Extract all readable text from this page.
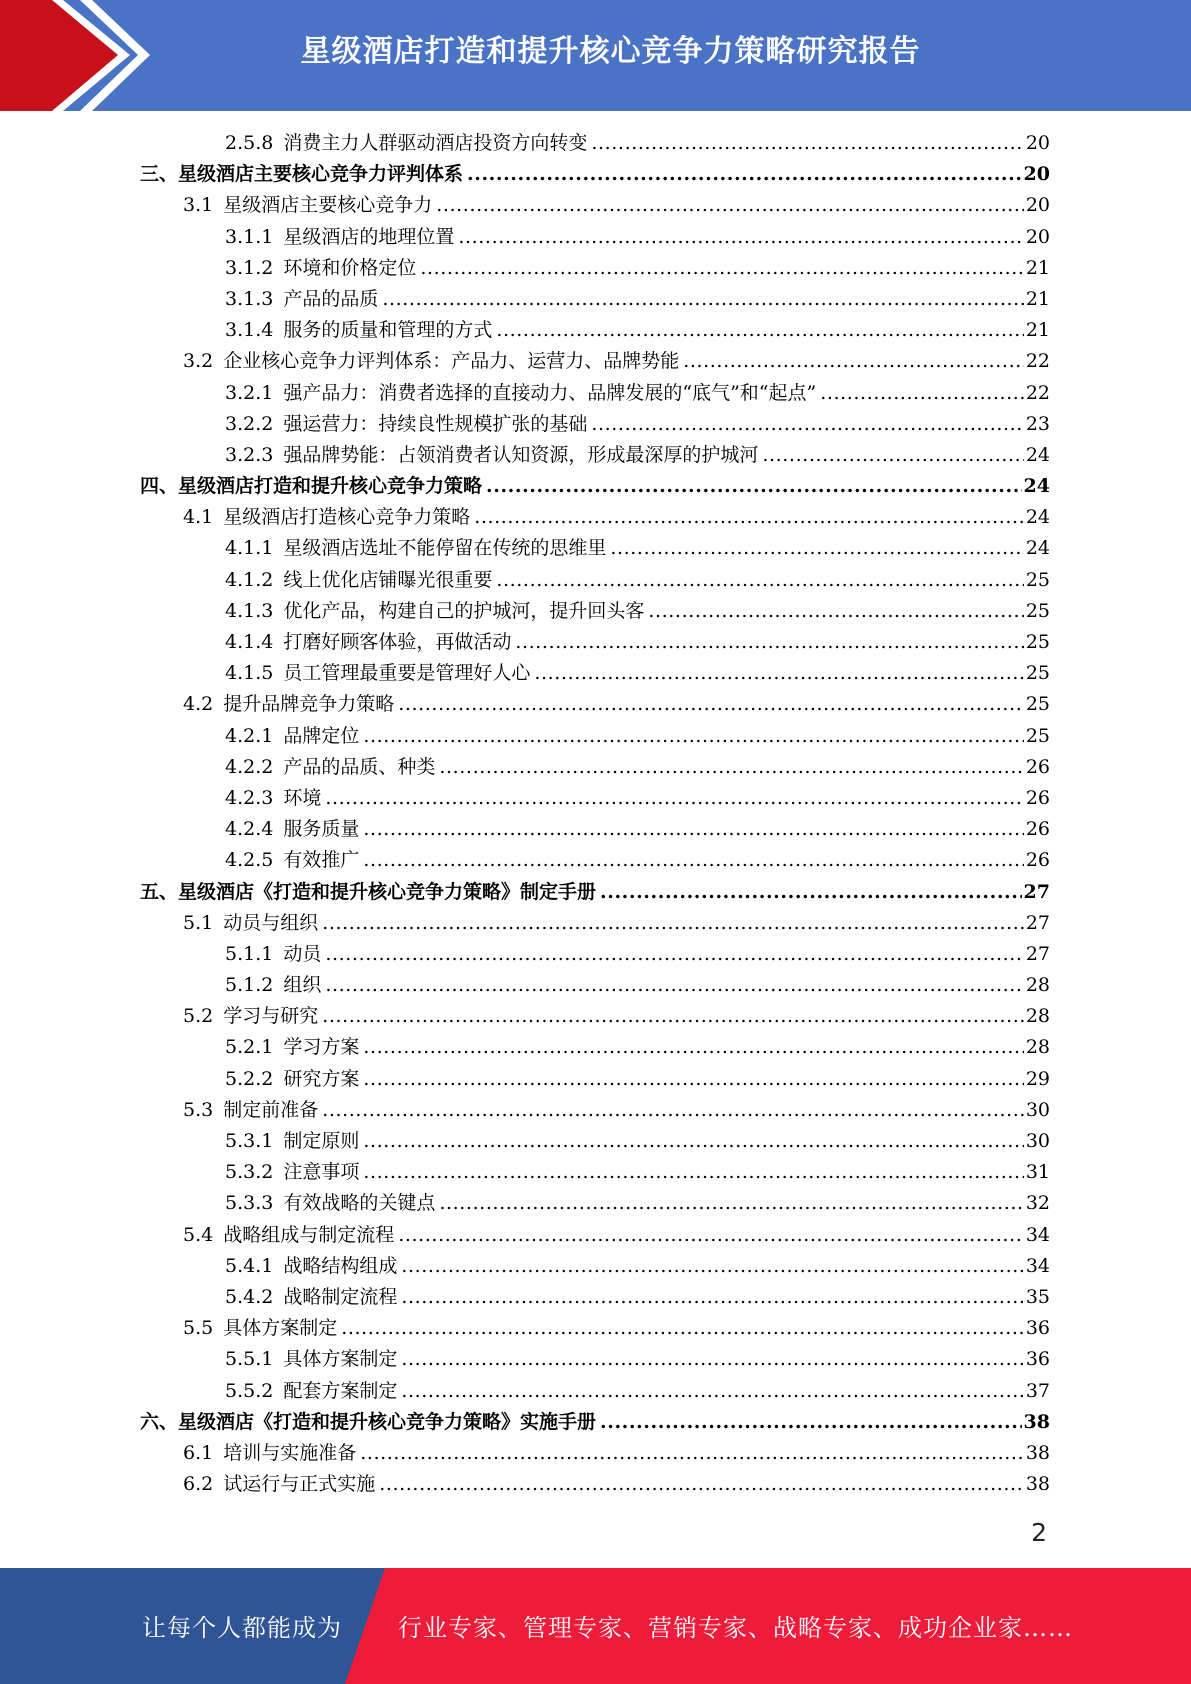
星级酒店打造和提升核心竞争力策略研究报告
2.5.8 消费主力人群驱动酒店投资方向转变 .....	20
三、星级酒店主要核心竞争力评判体系 .....	20
3.1 星级酒店主要核心竞争力 .....	20
3.1.1 星级酒店的地理位置 .....	20
3.1.2 环境和价格定位 .....	21
3.1.3 产品的品质 .....	21
3.1.4 服务的质量和管理的方式 .....	21
3.2 企业核心竞争力评判体系：产品力、运营力、品牌势能 .....	22
3.2.1 强产品力：消费者选择的直接动力、品牌发展的“底气”和“起点” .....	22
3.2.2 强运营力：持续良性规模扩张的基础 .....	23
3.2.3 强品牌势能：占领消费者认知资源，形成最深厚的护城河 .....	24
四、星级酒店打造和提升核心竞争力策略 .....	24
4.1 星级酒店打造核心竞争力策略 .....	24
4.1.1 星级酒店选址不能停留在传统的思维里 .....	24
4.1.2 线上优化店铺曝光很重要 .....	25
4.1.3 优化产品，构建自己的护城河，提升回头客 .....	25
4.1.4 打磨好顾客体验，再做活动 .....	25
4.1.5 员工管理最重要是管理好人心 .....	25
4.2 提升品牌竞争力策略 .....	25
4.2.1 品牌定位 .....	25
4.2.2 产品的品质、种类 .....	26
4.2.3 环境 .....	26
4.2.4 服务质量 .....	26
4.2.5 有效推广 .....	26
五、星级酒店《打造和提升核心竞争力策略》制定手册 .....	27
5.1 动员与组织 .....	27
5.1.1 动员 .....	27
5.1.2 组织 .....	28
5.2 学习与研究 .....	28
5.2.1 学习方案 .....	28
5.2.2 研究方案 .....	29
5.3 制定前准备 .....	30
5.3.1 制定原则 .....	30
5.3.2 注意事项 .....	31
5.3.3 有效战略的关键点 .....	32
5.4 战略组成与制定流程 .....	34
5.4.1 战略结构组成 .....	34
5.4.2 战略制定流程 .....	35
5.5 具体方案制定 .....	36
5.5.1 具体方案制定 .....	36
5.5.2 配套方案制定 .....	37
六、星级酒店《打造和提升核心竞争力策略》实施手册 .....	38
6.1 培训与实施准备 .....	38
6.2 试运行与正式实施 .....	38
2
让每个人都能成为 行业专家、管理专家、营销专家、战略专家、成功企业家……
